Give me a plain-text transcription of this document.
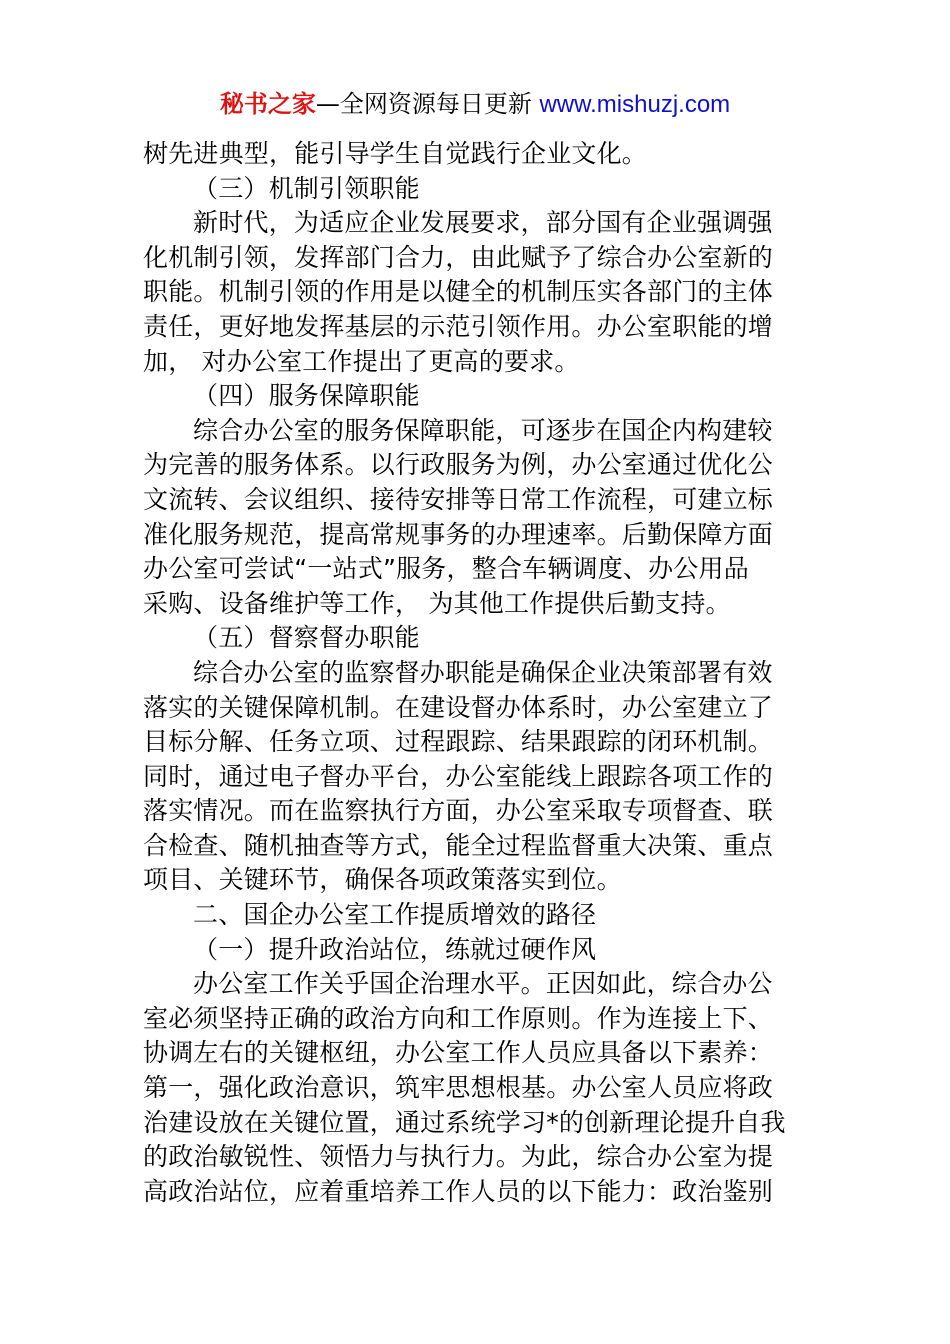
秘书之家—全网资源每日更新 www.mishuzj.com
树先进典型，能引导学生自觉践行企业文化。
（三）机制引领职能
新时代，为适应企业发展要求，部分国有企业强调强
化机制引领，发挥部门合力，由此赋予了综合办公室新的
职能。机制引领的作用是以健全的机制压实各部门的主体
责任，更好地发挥基层的示范引领作用。办公室职能的增
加， 对办公室工作提出了更高的要求。
（四）服务保障职能
综合办公室的服务保障职能，可逐步在国企内构建较
为完善的服务体系。以行政服务为例，办公室通过优化公
文流转、会议组织、接待安排等日常工作流程，可建立标
准化服务规范，提高常规事务的办理速率。后勤保障方面
办公室可尝试“一站式”服务，整合车辆调度、办公用品
采购、设备维护等工作， 为其他工作提供后勤支持。
（五）督察督办职能
综合办公室的监察督办职能是确保企业决策部署有效
落实的关键保障机制。在建设督办体系时，办公室建立了
目标分解、任务立项、过程跟踪、结果跟踪的闭环机制。
同时，通过电子督办平台，办公室能线上跟踪各项工作的
落实情况。而在监察执行方面，办公室采取专项督查、联
合检查、随机抽查等方式，能全过程监督重大决策、重点
项目、关键环节，确保各项政策落实到位。
二、国企办公室工作提质增效的路径
（一）提升政治站位，练就过硬作风
办公室工作关乎国企治理水平。正因如此，综合办公
室必须坚持正确的政治方向和工作原则。作为连接上下、
协调左右的关键枢纽，办公室工作人员应具备以下素养：
第一，强化政治意识，筑牢思想根基。办公室人员应将政
治建设放在关键位置，通过系统学习*的创新理论提升自我
的政治敏锐性、领悟力与执行力。为此，综合办公室为提
高政治站位，应着重培养工作人员的以下能力：政治鉴别
